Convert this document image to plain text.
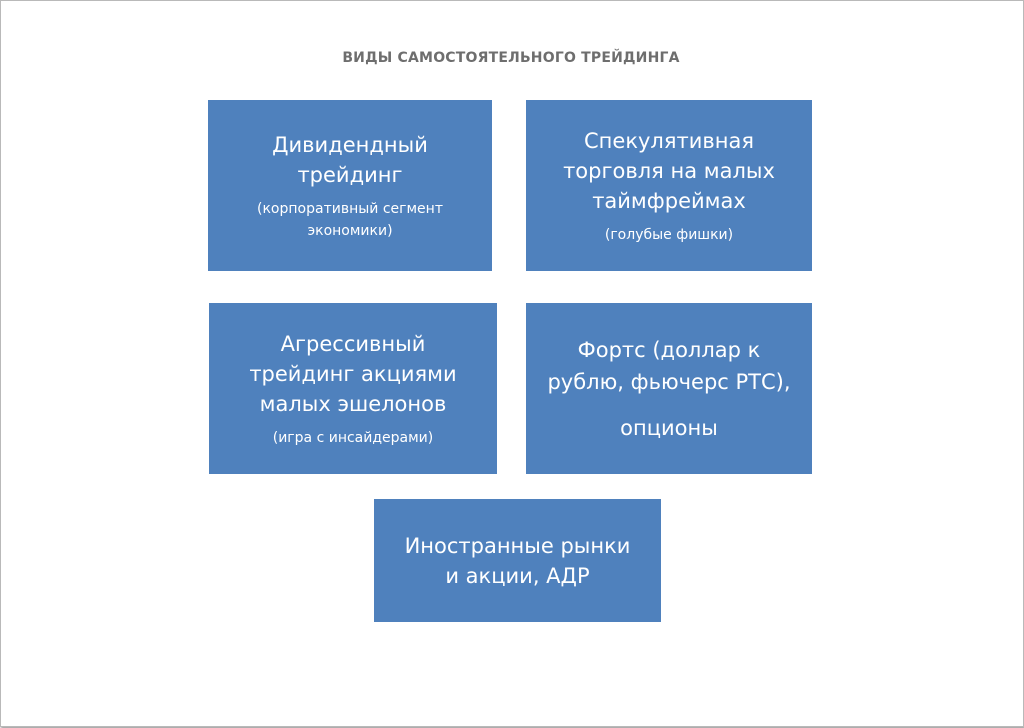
ВИДЫ САМОСТОЯТЕЛЬНОГО ТРЕЙДИНГА
Дивидендный
трейдинг
(корпоративный сегмент
экономики)
Спекулятивная
торговля на малых
таймфреймах
(голубые фишки)
Агрессивный
трейдинг акциями
малых эшелонов
(игра с инсайдерами)
Фортс (доллар к
рублю, фьючерс РТС),
опционы
Иностранные рынки
и акции, АДР
